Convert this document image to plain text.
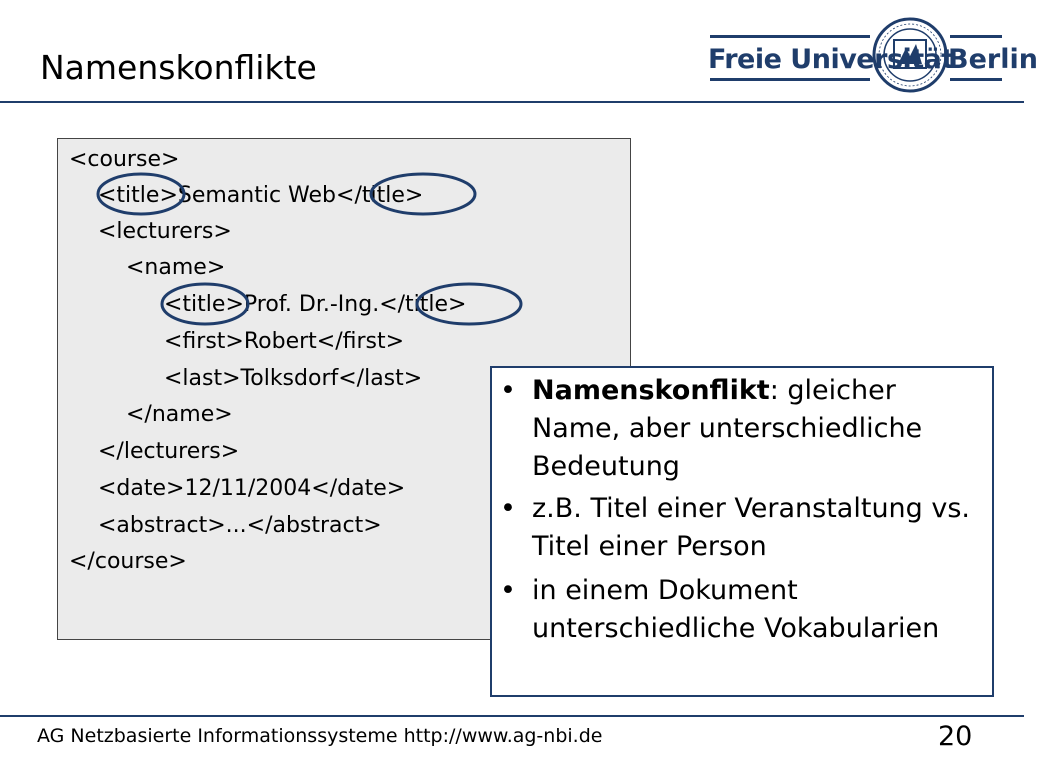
Namenskonflikte	Freie Universität
Berlin
<course>
<title>Semantic Web</title>
<lecturers>
<name>
<title>Prof. Dr.-Ing.</title>
<first>Robert</first>
<last>Tolksdorf</last>
</name>
</lecturers>
<date>12/11/2004</date>
<abstract>...</abstract>
</course>
• Namenskonflikt: gleicher Name, aber unterschiedliche Bedeutung
• z.B. Titel einer Veranstaltung vs. Titel einer Person
• in einem Dokument unterschiedliche Vokabularien
AG Netzbasierte Informationssysteme http://www.ag-nbi.de	20
